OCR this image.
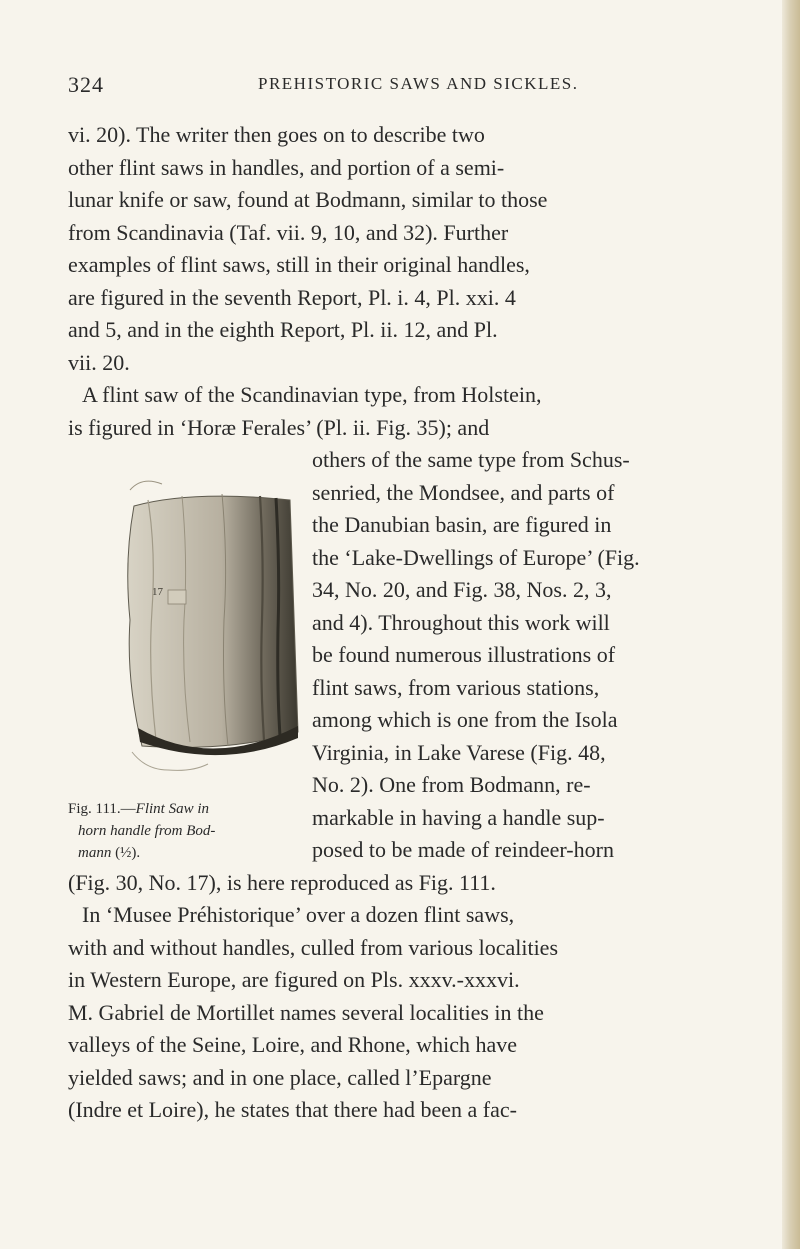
324	PREHISTORIC SAWS AND SICKLES.
vi. 20). The writer then goes on to describe two
other flint saws in handles, and portion of a semi-
lunar knife or saw, found at Bodmann, similar to those
from Scandinavia (Taf. vii. 9, 10, and 32). Further
examples of flint saws, still in their original handles,
are figured in the seventh Report, Pl. i. 4, Pl. xxi. 4
and 5, and in the eighth Report, Pl. ii. 12, and Pl.
vii. 20.
A flint saw of the Scandinavian type, from Holstein,
is figured in ‘Horæ Ferales’ (Pl. ii. Fig. 35); and
others of the same type from Schus-
senried, the Mondsee, and parts of
the Danubian basin, are figured in
the ‘Lake-Dwellings of Europe’ (Fig.
34, No. 20, and Fig. 38, Nos. 2, 3,
and 4). Throughout this work will
be found numerous illustrations of
flint saws, from various stations,
among which is one from the Isola
Virginia, in Lake Varese (Fig. 48,
No. 2). One from Bodmann, re-
markable in having a handle sup-
posed to be made of reindeer-horn
17
Fig. 111.—Flint Saw in
horn handle from Bod-
mann (½).
(Fig. 30, No. 17), is here reproduced as Fig. 111.
In ‘Musee Préhistorique’ over a dozen flint saws,
with and without handles, culled from various localities
in Western Europe, are figured on Pls. xxxv.-xxxvi.
M. Gabriel de Mortillet names several localities in the
valleys of the Seine, Loire, and Rhone, which have
yielded saws; and in one place, called l’Epargne
(Indre et Loire), he states that there had been a fac-
